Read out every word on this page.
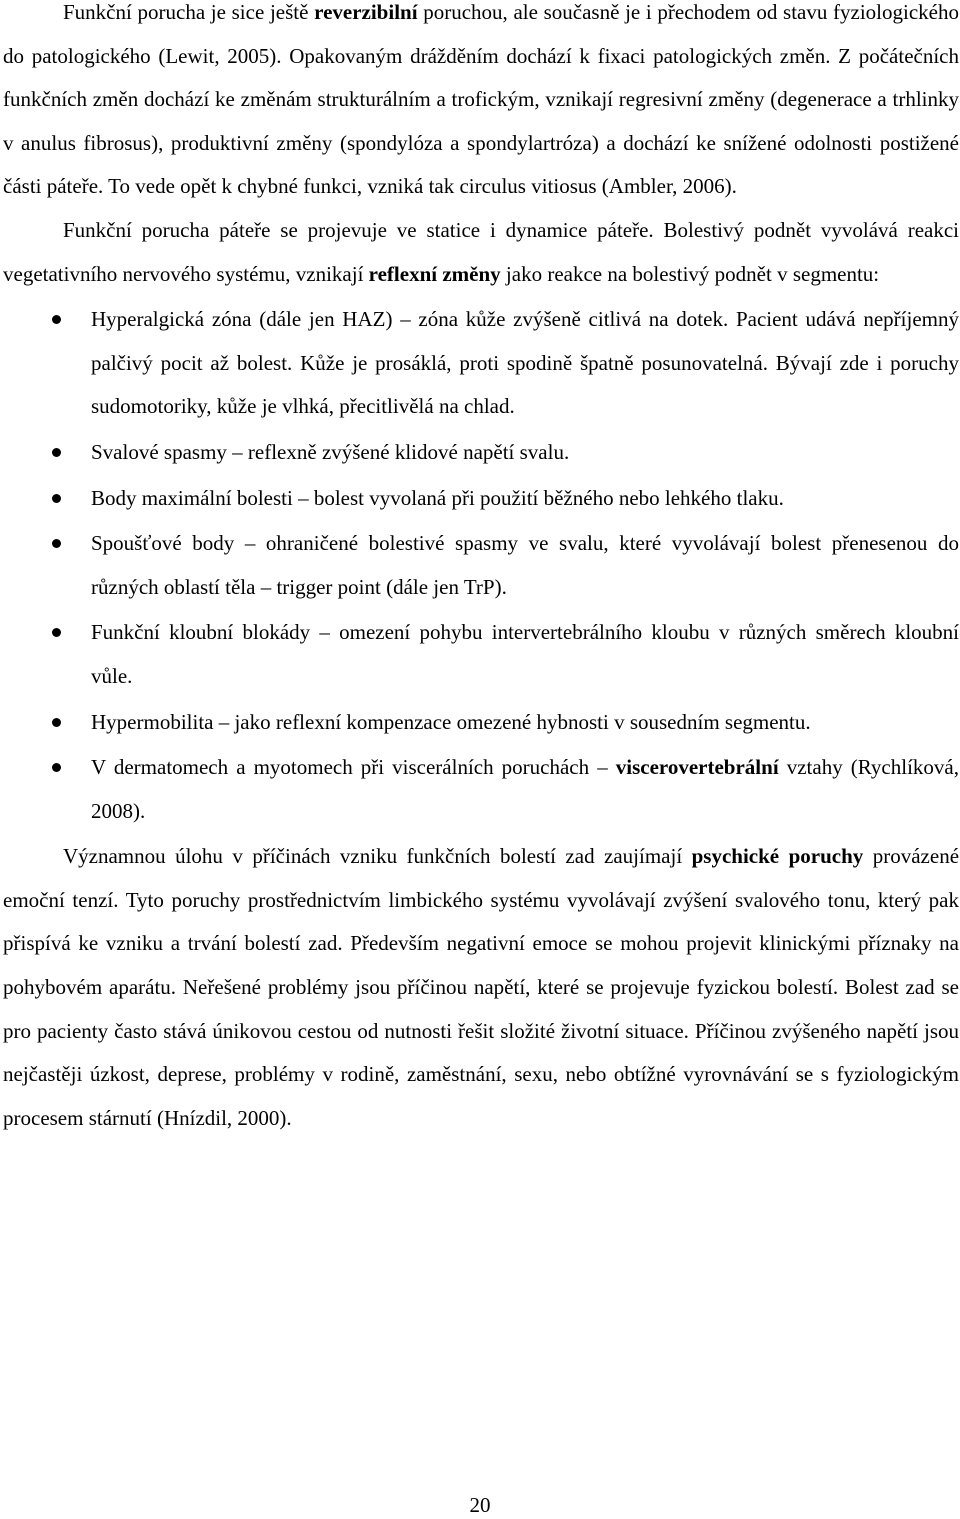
Funkční porucha je sice ještě reverzibilní poruchou, ale současně je i přechodem od stavu fyziologického do patologického (Lewit, 2005). Opakovaným drážděním dochází k fixaci patologických změn. Z počátečních funkčních změn dochází ke změnám strukturálním a trofickým, vznikají regresivní změny (degenerace a trhlinky v anulus fibrosus), produktivní změny (spondylóza a spondylartróza) a dochází ke snížené odolnosti postižené části páteře. To vede opět k chybné funkci, vzniká tak circulus vitiosus (Ambler, 2006).

Funkční porucha páteře se projevuje ve statice i dynamice páteře. Bolestivý podnět vyvolává reakci vegetativního nervového systému, vznikají reflexní změny jako reakce na bolestivý podnět v segmentu:

Hyperalgická zóna (dále jen HAZ) – zóna kůže zvýšeně citlivá na dotek. Pacient udává nepříjemný palčivý pocit až bolest. Kůže je prosáklá, proti spodině špatně posunovatelná. Bývají zde i poruchy sudomotoriky, kůže je vlhká, přecitlivělá na chlad.
Svalové spasmy – reflexně zvýšené klidové napětí svalu.
Body maximální bolesti – bolest vyvolaná při použití běžného nebo lehkého tlaku.
Spoušťové body – ohraničené bolestivé spasmy ve svalu, které vyvolávají bolest přenesenou do různých oblastí těla – trigger point (dále jen TrP).
Funkční kloubní blokády – omezení pohybu intervertebrálního kloubu v různých směrech kloubní vůle.
Hypermobilita – jako reflexní kompenzace omezené hybnosti v sousedním segmentu.
V dermatomech a myotomech při viscerálních poruchách – viscerovertebrální vztahy (Rychlíková, 2008).

Významnou úlohu v příčinách vzniku funkčních bolestí zad zaujímají psychické poruchy provázené emoční tenzí. Tyto poruchy prostřednictvím limbického systému vyvolávají zvýšení svalového tonu, který pak přispívá ke vzniku a trvání bolestí zad. Především negativní emoce se mohou projevit klinickými příznaky na pohybovém aparátu. Neřešené problémy jsou příčinou napětí, které se projevuje fyzickou bolestí. Bolest zad se pro pacienty často stává únikovou cestou od nutnosti řešit složité životní situace. Příčinou zvýšeného napětí jsou nejčastěji úzkost, deprese, problémy v rodině, zaměstnání, sexu, nebo obtížné vyrovnávání se s fyziologickým procesem stárnutí (Hnízdil, 2000).

20
